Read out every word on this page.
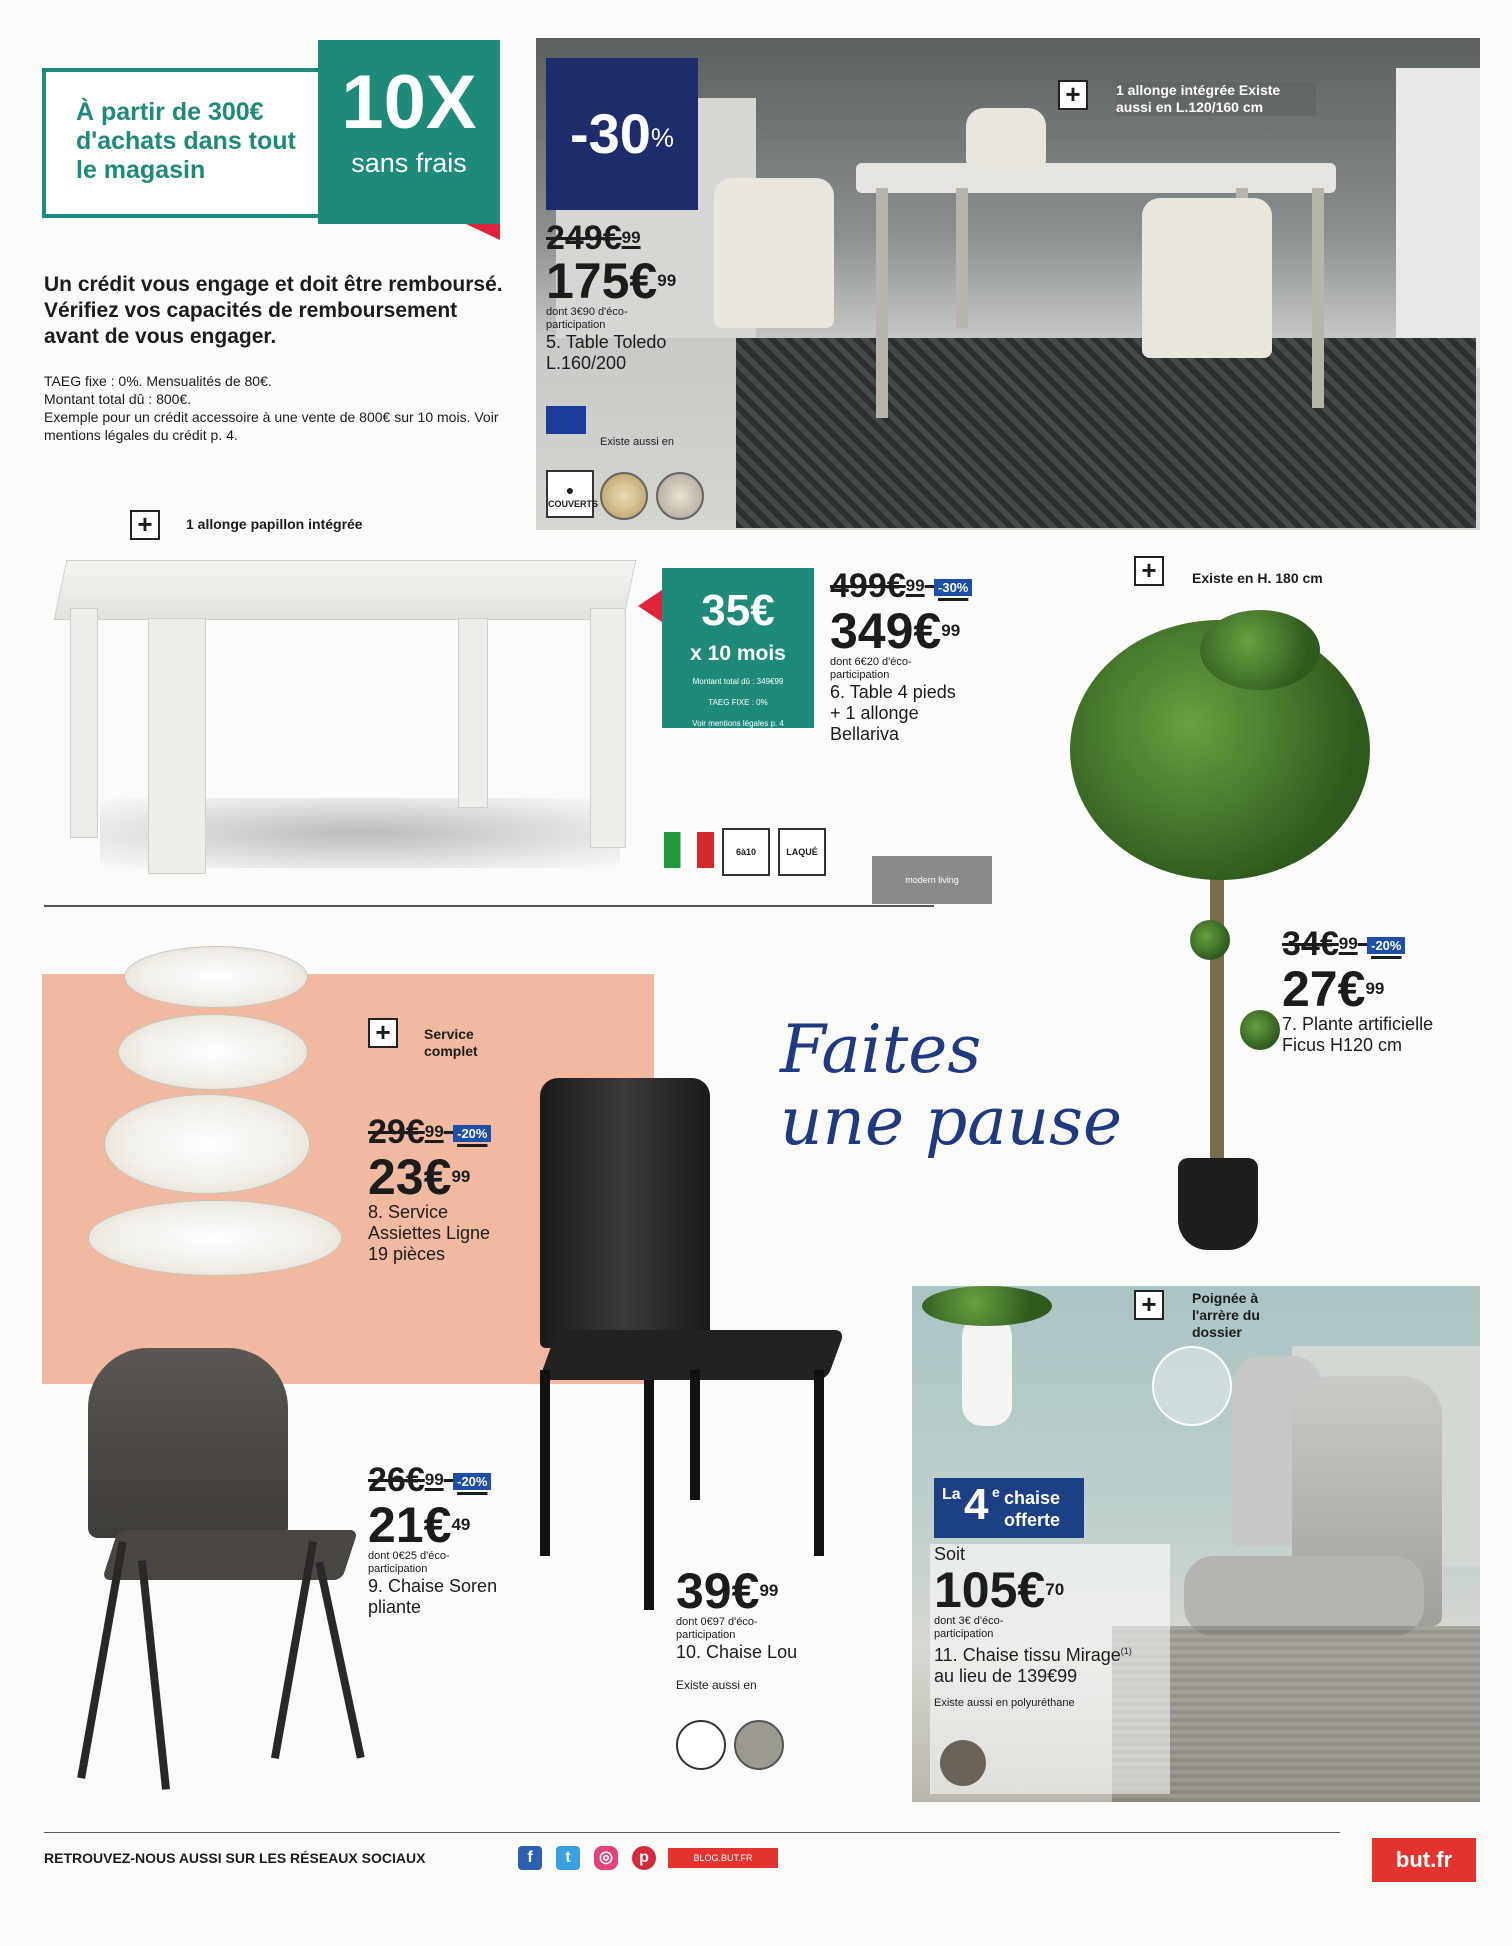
À partir de 300€ d'achats dans tout le magasin
10X
sans frais
Un crédit vous engage et doit être remboursé. Vérifiez vos capacités de remboursement avant de vous engager.
TAEG fixe : 0%. Mensualités de 80€.
Montant total dû : 800€.
Exemple pour un crédit accessoire à une vente de 800€ sur 10 mois. Voir mentions légales du crédit p. 4.
-30%
+	1 allonge intégrée Existe aussi en L.120/160 cm
249€$^{99}$
175€$^{99}$
dont 3€90 d'éco-participation
5. Table Toledo
L.160/200
Existe aussi en
●
COUVERTS
+	1 allonge papillon intégrée
35€
x 10 mois
Montant total dû : 349€99
TAEG FIXE : 0%
Voir mentions légales p. 4
499€$^{99}$ -30%
349€$^{99}$
dont 6€20 d'éco-participation
6. Table 4 pieds
+ 1 allonge
Bellariva
6à10	LAQUÉ
modern living
+	Existe en H. 180 cm
34€$^{99}$ -20%
27€$^{99}$
7. Plante artificielle
Ficus H120 cm
+	Service complet
29€$^{99}$ -20%
23€$^{99}$
8. Service
Assiettes Ligne
19 pièces
Faites
une pause
39€$^{99}$
dont 0€97 d'éco-participation
10. Chaise Lou
Existe aussi en
26€$^{99}$ -20%
21€$^{49}$
dont 0€25 d'éco-participation
9. Chaise Soren
pliante
+	Poignée à l'arrère du dossier
La 4 e chaise
offerte
Soit
105€$^{70}$
dont 3€ d'éco-participation
11. Chaise tissu Mirage$^{(1)}$
au lieu de 139€99
Existe aussi en polyuréthane
RETROUVEZ-NOUS AUSSI SUR LES RÉSEAUX SOCIAUX	f	t	◎	p	BLOG.BUT.FR	but.fr
